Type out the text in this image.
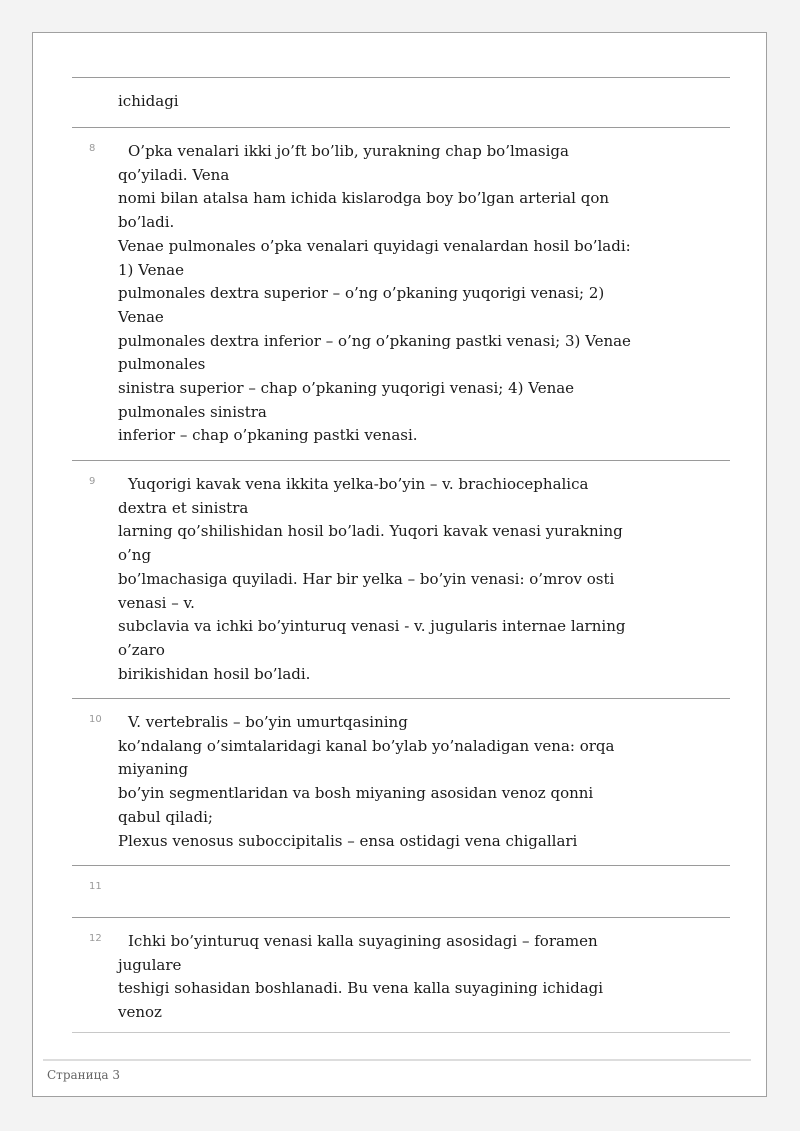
ichidagi
8	O’pka venalari ikki jo’ft bo’lib, yurakning chap bo’lmasiga
qo’yiladi. Vena
nomi bilan atalsa ham ichida kislarodga boy bo’lgan arterial qon
bo’ladi.
Venae pulmonales o’pka venalari quyidagi venalardan hosil bo’ladi:
1) Venae
pulmonales dextra superior – o’ng o’pkaning yuqorigi venasi; 2)
Venae
pulmonales dextra inferior – o’ng o’pkaning pastki venasi; 3) Venae
pulmonales
sinistra superior – chap o’pkaning yuqorigi venasi; 4) Venae
pulmonales sinistra
inferior – chap o’pkaning pastki venasi.
9	Yuqorigi kavak vena ikkita yelka-bo’yin – v. brachiocephalica
dextra et sinistra
larning qo’shilishidan hosil bo’ladi. Yuqori kavak venasi yurakning
o’ng
bo’lmachasiga quyiladi. Har bir yelka – bo’yin venasi: o’mrov osti
venasi – v.
subclavia va ichki bo’yinturuq venasi - v. jugularis internae larning
o’zaro
birikishidan hosil bo’ladi.
10	V. vertebralis – bo’yin umurtqasining
ko’ndalang o’simtalaridagi kanal bo’ylab yo’naladigan vena: orqa
miyaning
bo’yin segmentlaridan va bosh miyaning asosidan venoz qonni
qabul qiladi;
Plexus venosus suboccipitalis – ensa ostidagi vena chigallari
11
12	Ichki bo’yinturuq venasi kalla suyagining asosidagi – foramen
jugulare
teshigi sohasidan boshlanadi. Bu vena kalla suyagining ichidagi
venoz
Страница 3
